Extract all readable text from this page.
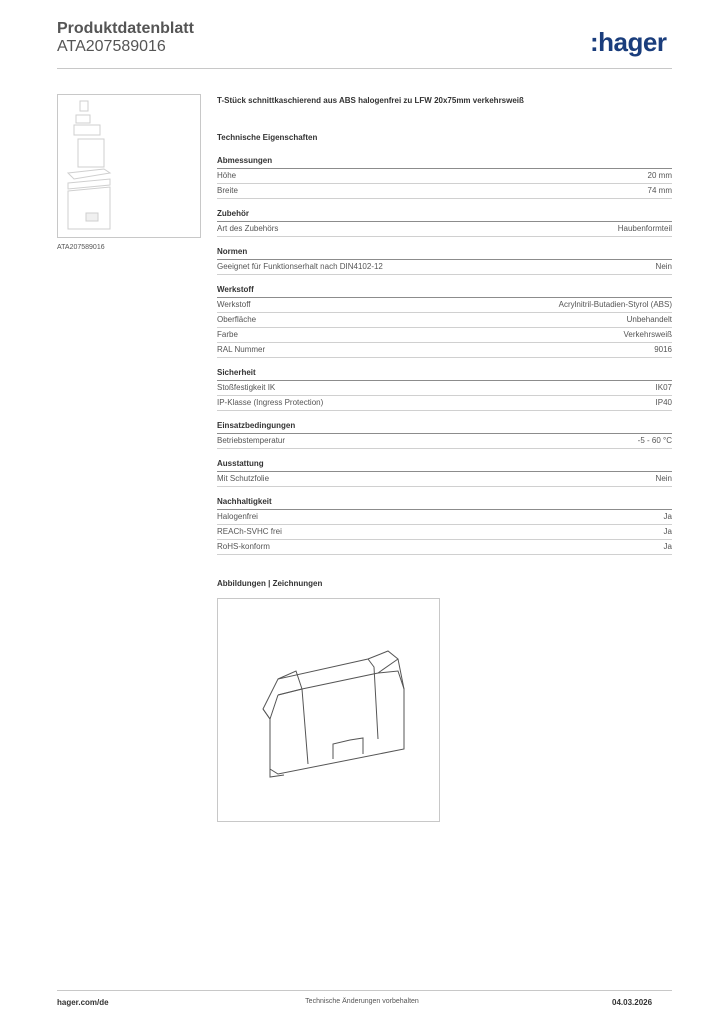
Produktdatenblatt
ATA207589016	:hager
ATA207589016
T-Stück schnittkaschierend aus ABS halogenfrei zu LFW 20x75mm verkehrsweiß
Technische Eigenschaften
Abmessungen
Höhe	20 mm
Breite	74 mm
Zubehör
Art des Zubehörs	Haubenformteil
Normen
Geeignet für Funktionserhalt nach DIN4102-12	Nein
Werkstoff
Werkstoff	Acrylnitril-Butadien-Styrol (ABS)
Oberfläche	Unbehandelt
Farbe	Verkehrsweiß
RAL Nummer	9016
Sicherheit
Stoßfestigkeit IK	IK07
IP-Klasse (Ingress Protection)	IP40
Einsatzbedingungen
Betriebstemperatur	-5 - 60 °C
Ausstattung
Mit Schutzfolie	Nein
Nachhaltigkeit
Halogenfrei	Ja
REACh-SVHC frei	Ja
RoHS-konform	Ja
Abbildungen | Zeichnungen
hager.com/de	Technische Änderungen vorbehalten	04.03.2026
